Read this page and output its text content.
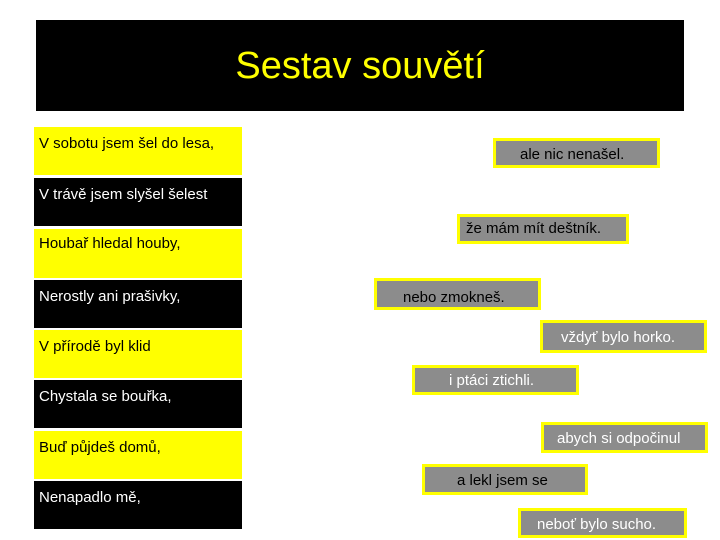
Sestav souvětí
V sobotu jsem šel do lesa,
V trávě jsem slyšel šelest
Houbař hledal houby,
Nerostly ani prašivky,
V přírodě byl klid
Chystala se bouřka,
Buď půjdeš domů,
Nenapadlo mě,
ale nic nenašel.
že mám mít deštník.
nebo zmokneš.
vždyť bylo horko.
i ptáci ztichli.
abych si odpočinul
a lekl jsem se
neboť bylo sucho.
